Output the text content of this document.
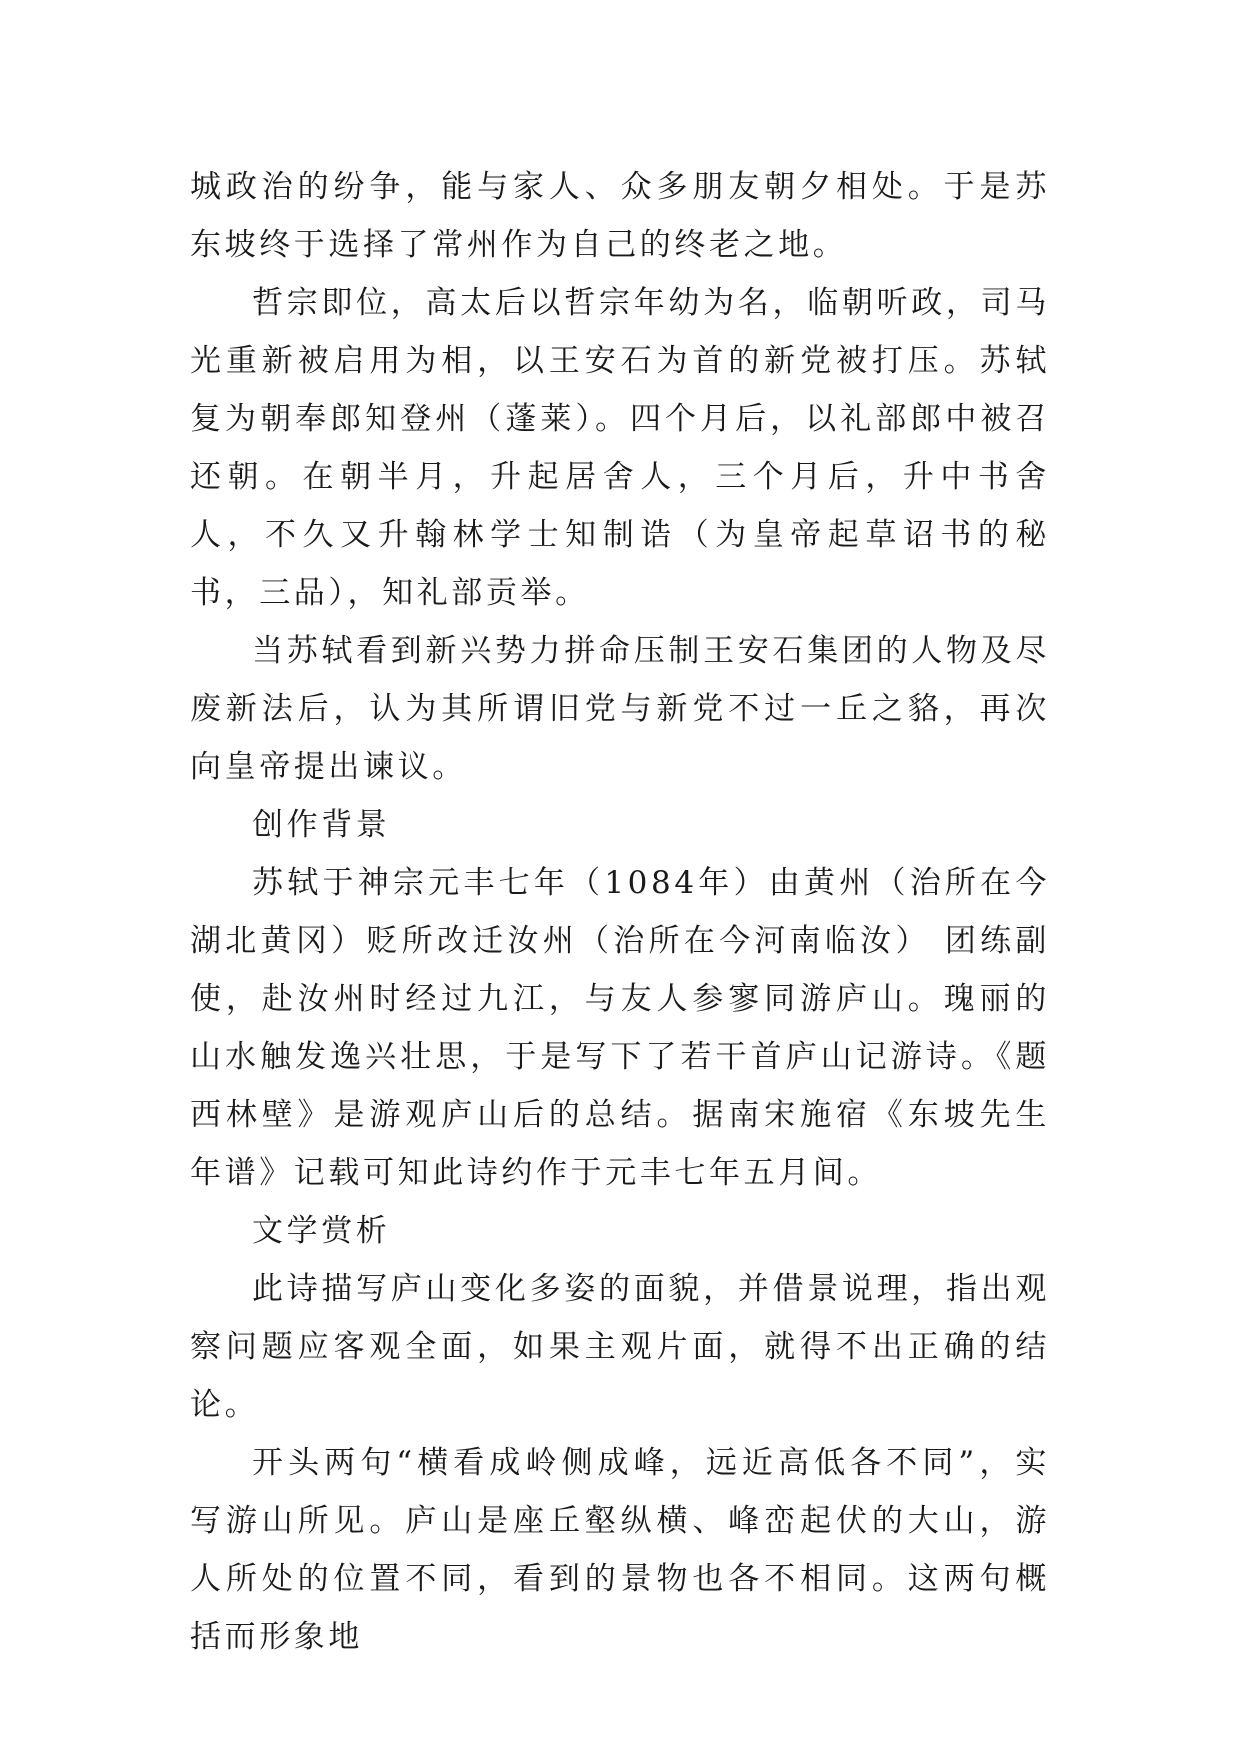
城政治的纷争，能与家人、众多朋友朝夕相处。于是苏东坡终于选择了常州作为自己的终老之地。

哲宗即位，高太后以哲宗年幼为名，临朝听政，司马光重新被启用为相，以王安石为首的新党被打压。苏轼复为朝奉郎知登州（蓬莱）。四个月后，以礼部郎中被召还朝。在朝半月，升起居舍人，三个月后，升中书舍人，不久又升翰林学士知制诰（为皇帝起草诏书的秘书，三品），知礼部贡举。

当苏轼看到新兴势力拼命压制王安石集团的人物及尽废新法后，认为其所谓旧党与新党不过一丘之貉，再次向皇帝提出谏议。

创作背景

苏轼于神宗元丰七年（1084年）由黄州（治所在今湖北黄冈）贬所改迁汝州（治所在今河南临汝） 团练副使，赴汝州时经过九江，与友人参寥同游庐山。瑰丽的山水触发逸兴壮思，于是写下了若干首庐山记游诗。《题西林壁》是游观庐山后的总结。据南宋施宿《东坡先生年谱》记载可知此诗约作于元丰七年五月间。

文学赏析

此诗描写庐山变化多姿的面貌，并借景说理，指出观察问题应客观全面，如果主观片面，就得不出正确的结论。

开头两句“横看成岭侧成峰，远近高低各不同”，实写游山所见。庐山是座丘壑纵横、峰峦起伏的大山，游人所处的位置不同，看到的景物也各不相同。这两句概括而形象地
